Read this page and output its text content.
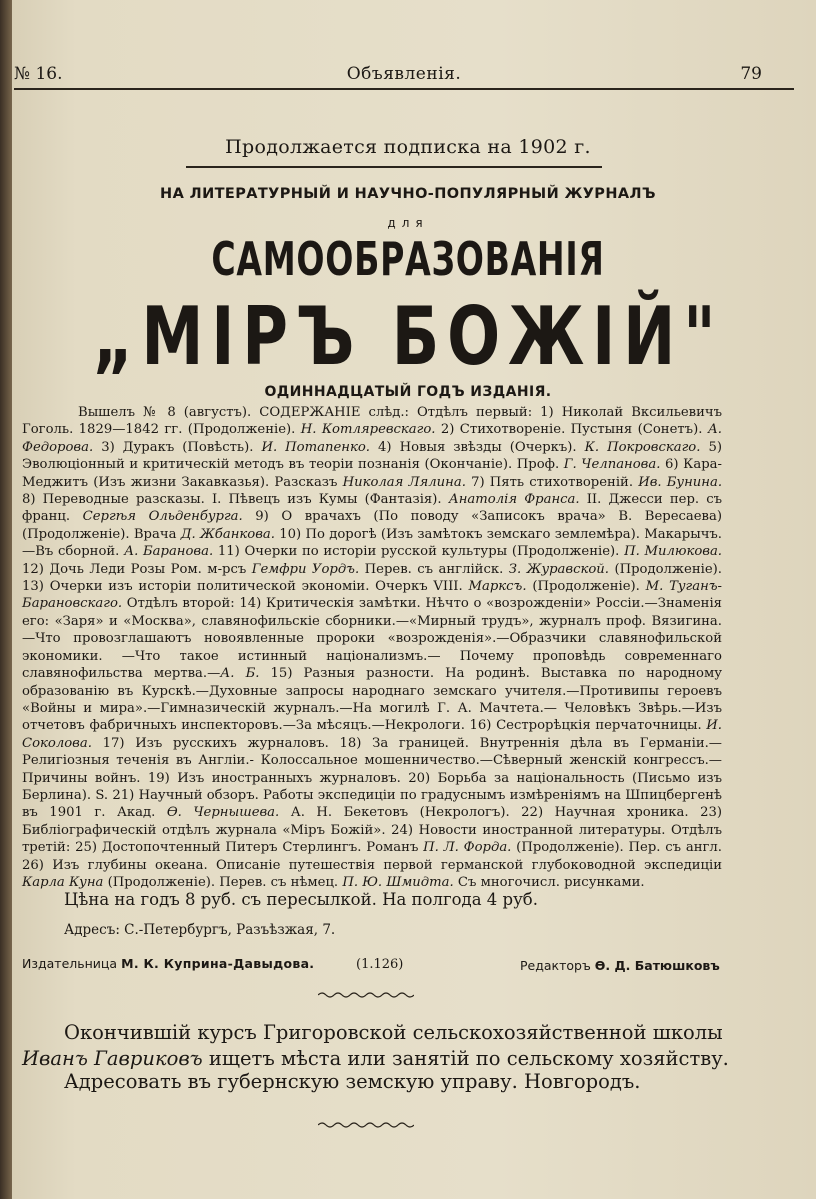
№ 16.	Объявленія.	79
Продолжается подписка на 1902 г.
НА ЛИТЕРАТУРНЫЙ И НАУЧНО-ПОПУЛЯРНЫЙ ЖУРНАЛЪ
для
САМООБРАЗОВАНІЯ
„МІРЪ БОЖІЙ"
ОДИННАДЦАТЫЙ ГОДЪ ИЗДАНІЯ.
Вышелъ № 8 (августъ). СОДЕРЖАНІЕ слѣд.: Отдѣлъ первый: 1) Николай Вксильевичъ Гоголь. 1829—1842 гг. (Продолженіе). Н. Котляревскаго. 2) Стихотвореніе. Пустыня (Сонетъ). А. Федорова. 3) Дуракъ (Повѣсть). И. Потапенко. 4) Новыя звѣзды (Очеркъ). К. Покровскаго. 5) Эволюціонный и критическій методъ въ теоріи познанія (Окончаніе). Проф. Г. Челпанова. 6) Кара-Меджитъ (Изъ жизни Закавказья). Разсказъ Николая Лялина. 7) Пять стихотвореній. Ив. Бунина. 8) Переводные разсказы. I. Пѣвецъ изъ Кумы (Фантазія). Анатолія Франса. II. Джесси пер. съ франц. Сергѣя Ольденбурга. 9) О врачахъ (По поводу «Записокъ врача» В. Вересаева) (Продолженіе). Врача Д. Жбанкова. 10) По дорогѣ (Изъ замѣтокъ земскаго землемѣра). Макарычъ.—Въ сборной. А. Баранова. 11) Очерки по исторіи русской культуры (Продолженіе). П. Милюкова. 12) Дочь Леди Розы Ром. м-рсъ Гемфри Уордъ. Перев. съ англійск. З. Журавской. (Продолженіе). 13) Очерки изъ исторіи политической экономіи. Очеркъ VIII. Марксъ. (Продолженіе). М. Туганъ-Барановскаго. Отдѣлъ второй: 14) Критическія замѣтки. Нѣчто о «возрожденіи» Россіи.—Знаменія его: «Заря» и «Москва», славянофильскіе сборники.—«Мирный трудъ», журналъ проф. Вязигина.—Что провозглашаютъ новоявленные пророки «возрожденія».—Образчики славянофильской экономики. —Что такое истинный націонализмъ.— Почему проповѣдь современнаго славянофильства мертва.—А. Б. 15) Разныя разности. На родинѣ. Выставка по народному образованію въ Курскѣ.—Духовные запросы народнаго земскаго учителя.—Противипы героевъ «Войны и мира».—Гимназическій журналъ.—На могилѣ Г. А. Мачтета.— Человѣкъ Звѣрь.—Изъ отчетовъ фабричныхъ инспекторовъ.—За мѣсяцъ.—Некрологи. 16) Сестрорѣцкія перчаточницы. И. Соколова. 17) Изъ русскихъ журналовъ. 18) За границей. Внутреннія дѣла въ Германіи.—Религіозныя теченія въ Англіи.- Колоссальное мошенничество.—Сѣверный женскій конгрессъ.—Причины войнъ. 19) Изъ иностранныхъ журналовъ. 20) Борьба за національность (Письмо изъ Берлина). S. 21) Научный обзоръ. Работы экспедиціи по градуснымъ измѣреніямъ на Шпицбергенѣ въ 1901 г. Акад. Ѳ. Чернышева. А. Н. Бекетовъ (Некрологъ). 22) Научная хроника. 23) Библіографическій отдѣлъ журнала «Міръ Божій». 24) Новости иностранной литературы. Отдѣлъ третій: 25) Достопочтенный Питеръ Стерлингъ. Романъ П. Л. Форда. (Продолженіе). Пер. съ англ. 26) Изъ глубины океана. Описаніе путешествія первой германской глубоководной экспедиціи Карла Куна (Продолженіе). Перев. съ нѣмец. П. Ю. Шмидта. Съ многочисл. рисунками.
Цѣна на годъ 8 руб. съ пересылкой. На полгода 4 руб.
Адресъ: С.-Петербургъ, Разъѣзжая, 7.
Издательница М. К. Куприна-Давыдова.	(1.126)	Редакторъ Ѳ. Д. Батюшковъ
Окончившій курсъ Григоровской сельскохозяйственной школы Иванъ Гавриковъ ищетъ мѣста или занятій по сельскому хозяйству.
Адресовать въ губернскую земскую управу. Новгородъ.
